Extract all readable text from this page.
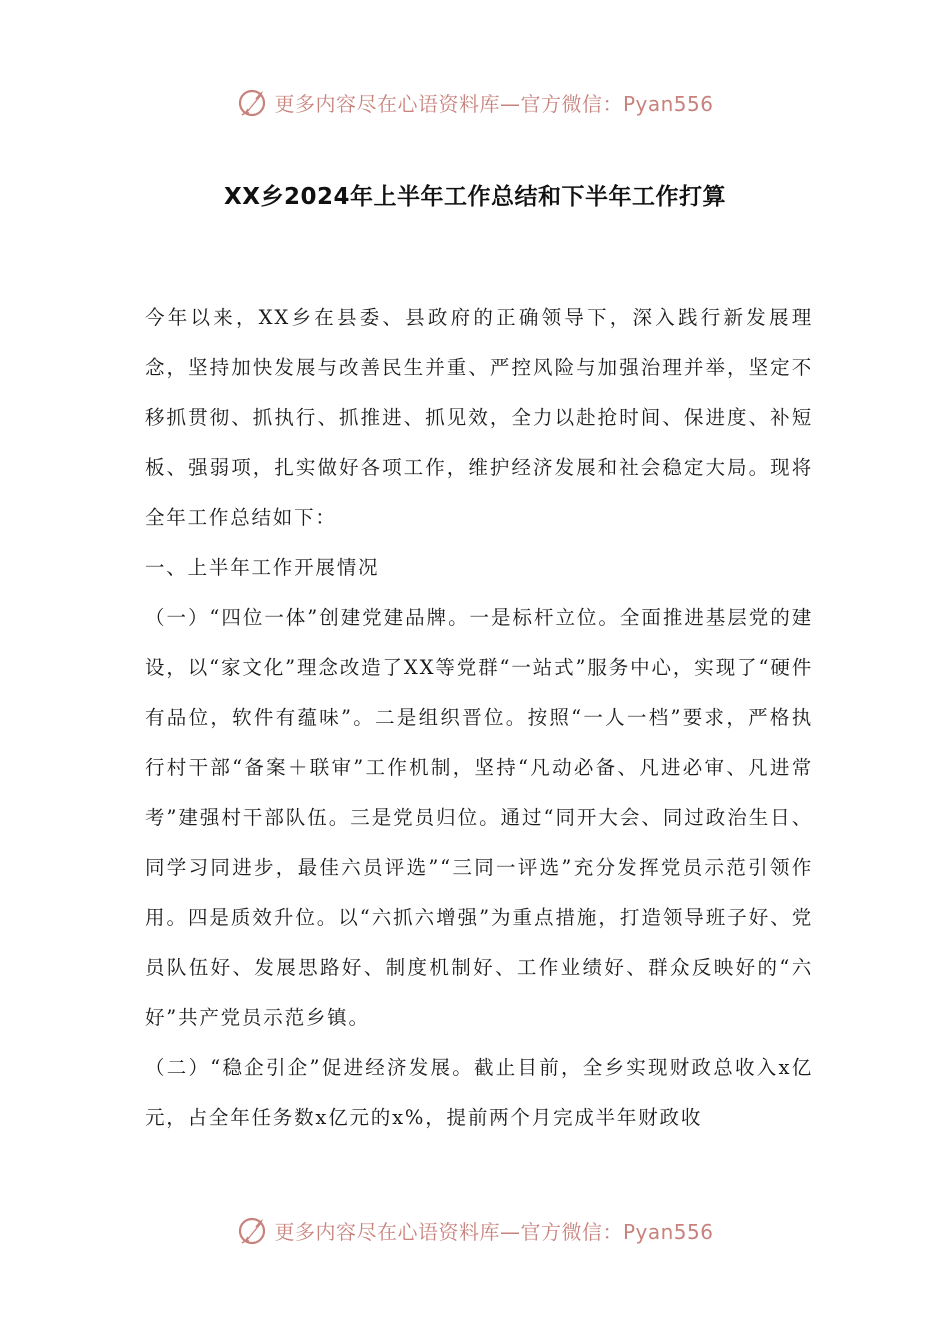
更多内容尽在心语资料库—官方微信：Pyan556
XX乡2024年上半年工作总结和下半年工作打算

今年以来，XX乡在县委、县政府的正确领导下，深入践行新发展理念，坚持加快发展与改善民生并重、严控风险与加强治理并举，坚定不移抓贯彻、抓执行、抓推进、抓见效，全力以赴抢时间、保进度、补短板、强弱项，扎实做好各项工作，维护经济发展和社会稳定大局。现将全年工作总结如下：

一、上半年工作开展情况

（一）“四位一体”创建党建品牌。一是标杆立位。全面推进基层党的建设，以“家文化”理念改造了XX等党群“一站式”服务中心，实现了“硬件有品位，软件有蕴味”。二是组织晋位。按照“一人一档”要求，严格执行村干部“备案＋联审”工作机制，坚持“凡动必备、凡进必审、凡进常考”建强村干部队伍。三是党员归位。通过“同开大会、同过政治生日、同学习同进步，最佳六员评选”“三同一评选”充分发挥党员示范引领作用。四是质效升位。以“六抓六增强”为重点措施，打造领导班子好、党员队伍好、发展思路好、制度机制好、工作业绩好、群众反映好的“六好”共产党员示范乡镇。

（二）“稳企引企”促进经济发展。截止目前，全乡实现财政总收入x亿元，占全年任务数x亿元的x%，提前两个月完成半年财政收

更多内容尽在心语资料库—官方微信：Pyan556
